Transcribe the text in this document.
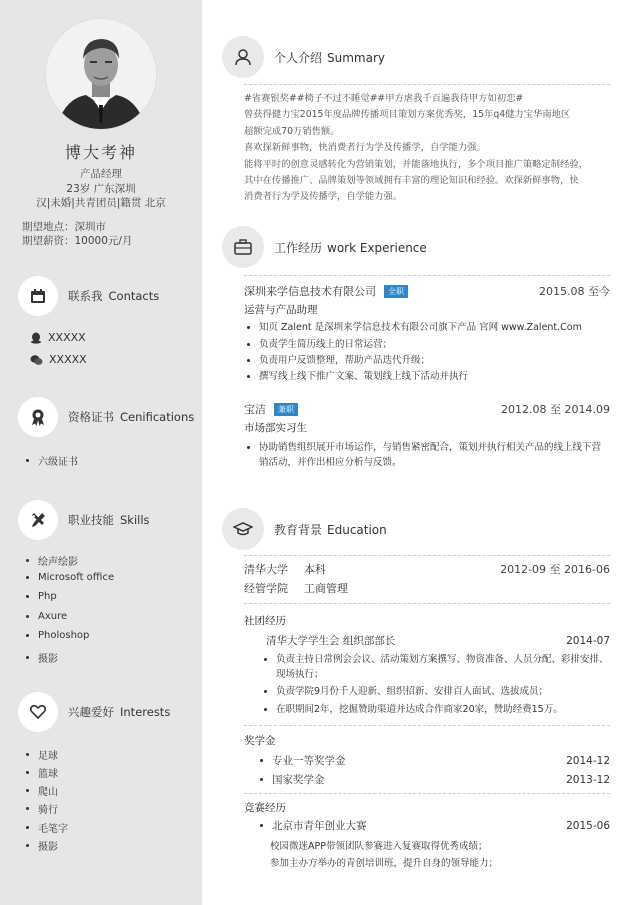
博大考神
产品经理
23岁 广东深圳
汉|未婚|共青团员|籍贯 北京
期望地点：深圳市
期望薪资：10000元/月
联系我 Contacts
XXXXX
XXXXX
资格证书 Cenifications
六级证书
职业技能 Skills
绘声绘影
Microsoft office
Php
Axure
Pholoshop
摄影
兴趣爱好 Interests
足球
篮球
爬山
骑行
毛笔字
摄影
个人介绍 Summary
#省赛银奖##椅子不过不睡觉##甲方虐我千百遍我待甲方如初恋#
曾获得健力宝2015年度品牌传播项目策划方案优秀奖，15年q4健力宝华南地区
超额完成70万销售额。
喜欢探新鲜事物，快消费者行为学及传播学，自学能力强。
能将平时的创意灵感转化为营销策划，并能落地执行，多个项目推广策略定制经验，
其中在传播推广、品牌策划等领域拥有丰富的理论知识和经验。欢探新鲜事物，快
消费者行为学及传播学，自学能力强。
工作经历 work Experience
深圳来学信息技术有限公司	全职	2015.08 至今
运营与产品助理
知页 Zalent 是深圳来学信息技术有限公司旗下产品 官网 www.Zalent.Com
负责学生简历线上的日常运营；
负责用户反馈整理，帮助产品迭代升级；
撰写线上线下推广文案、策划线上线下活动并执行
宝洁	兼职	2012.08 至 2014.09
市场部实习生
协助销售组织展开市场运作，与销售紧密配合，策划并执行相关产品的线上线下营销活动，并作出相应分析与反馈。
教育背景 Education
清华大学 本科	2012-09 至 2016-06
经管学院 工商管理
社团经历
清华大学学生会 组织部部长	2014-07
负责主持日常例会会议、活动策划方案撰写、物资准备、人员分配、彩排安排、现场执行；
负责学院9月份千人迎新、组织招新、安排百人面试、选拔成员；
在职期间2年，挖掘赞助渠道并达成合作商家20家，赞助经费15万。
奖学金
专业一等奖学金	2014-12
国家奖学金	2013-12
竞赛经历
北京市青年创业大赛	2015-06
校园微迷APP带领团队参赛进入复赛取得优秀成绩；
参加主办方举办的青创培训班，提升自身的领导能力；
